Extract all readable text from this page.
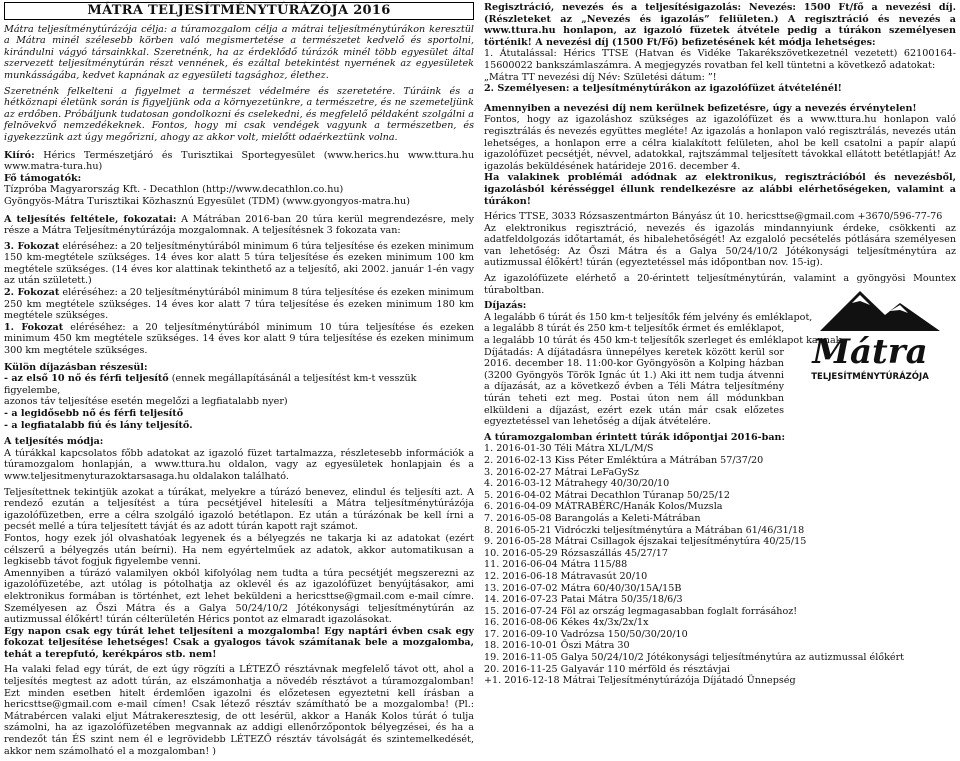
MÁTRA TELJESÍTMÉNYTÚRÁZÓJA 2016

Mátra teljesítménytúrázója célja: a túramozgalom célja a mátrai teljesítménytúrákon keresztül a Mátra minél szélesebb körben való megismertetése a természetet kedvelő és sportolni, kirándulni vágyó társainkkal. Szeretnénk, ha az érdeklődő túrázók minél több egyesület által szervezett teljesítménytúrán részt vennének, és ezáltal betekintést nyernének az egyesületek munkásságába, kedvet kapnának az egyesületi tagsághoz, élethez.

Szeretnénk felkelteni a figyelmet a természet védelmére és szeretetére. Túráink és a hétköznapi életünk során is figyeljünk oda a környezetünkre, a természetre, és ne szemeteljünk az erdőben. Próbáljunk tudatosan gondolkozni és cselekedni, és megfelelő példaként szolgálni a felnövekvő nemzedékeknek. Fontos, hogy mi csak vendégek vagyunk a természetben, és igyekezzünk azt úgy megőrizni, ahogy az akkor volt, mielőtt odaérkeztünk volna.

Kiíró: Hérics Természetjáró és Turisztikai Sportegyesület (www.herics.hu www.ttura.hu www.matra-tura.hu)

Fő támogatók:
Tízpróba Magyarország Kft. - Decathlon (http://www.decathlon.co.hu)
Gyöngyös-Mátra Turisztikai Közhasznú Egyesület (TDM) (www.gyongyos-matra.hu)

A teljesítés feltétele, fokozatai: A Mátrában 2016-ban 20 túra kerül megrendezésre, mely része a Mátra Teljesítménytúrázója mozgalomnak. A teljesítésnek 3 fokozata van:

3. Fokozat eléréséhez: a 20 teljesítménytúrából minimum 6 túra teljesítése és ezeken minimum 150 km-megtétele szükséges. 14 éves kor alatt 5 túra teljesítése és ezeken minimum 100 km megtétele szükséges. (14 éves kor alattinak tekinthető az a teljesítő, aki 2002. január 1-én vagy az után született.)

2. Fokozat eléréséhez: a 20 teljesítménytúrából minimum 8 túra teljesítése és ezeken minimum 250 km megtétele szükséges. 14 éves kor alatt 7 túra teljesítése és ezeken minimum 180 km megtétele szükséges.

1. Fokozat eléréséhez: a 20 teljesítménytúrából minimum 10 túra teljesítése és ezeken minimum 450 km megtétele szükséges. 14 éves kor alatt 9 túra teljesítése és ezeken minimum 300 km megtétele szükséges.

Külön díjazásban részesül:
- az első 10 nő és férfi teljesítő (ennek megállapításánál a teljesítést km-t vesszük figyelembe,
azonos táv teljesítése esetén megelőzi a legfiatalabb nyer)
- a legidősebb nő és férfi teljesítő
- a legfiatalabb fiú és lány teljesítő.
A teljesítés módja:

A túrákkal kapcsolatos főbb adatokat az igazoló füzet tartalmazza, részletesebb információk a túramozgalom honlapján, a www.ttura.hu oldalon, vagy az egyesületek honlapjain és a www.teljesitmenyturazoktarsasaga.hu oldalakon található.

Teljesítettnek tekintjük azokat a túrákat, melyekre a túrázó benevez, elindul és teljesíti azt. A rendező ezután a teljesítést a túra pecsétjével hitelesíti a Mátra teljesítménytúrázója igazolófüzetben, erre a célra szolgáló igazoló betétlapon. Ez után a túrázónak be kell írni a pecsét mellé a túra teljesített távját és az adott túrán kapott rajt számot.

Fontos, hogy ezek jól olvashatóak legyenek és a bélyegzés ne takarja ki az adatokat (ezért célszerű a bélyegzés után beírni). Ha nem egyértelműek az adatok, akkor automatikusan a legkisebb távot fogjuk figyelembe venni.

Amennyiben a túrázó valamilyen okból kifolyólag nem tudta a túra pecsétjét megszerezni az igazolófüzetébe, azt utólag is pótolhatja az oklevél és az igazolófüzet benyújtásakor, ami elektronikus formában is történhet, ezt lehet beküldeni a hericsttse@gmail.com e-mail címre. Személyesen az Őszi Mátra és a Galya 50/24/10/2 Jótékonysági teljesítménytúrán az autizmussal élőkért! túrán célterületén Hérics pontot az elmaradt igazolásokat.

Egy napon csak egy túrát lehet teljesíteni a mozgalomba! Egy naptári évben csak egy fokozat teljesítése lehetséges! Csak a gyalogos távok számítanak bele a mozgalomba, tehát a terepfutó, kerékpáros stb. nem!

Ha valaki felad egy túrát, de ezt úgy rögzíti a LÉTEZŐ résztávnak megfelelő távot ott, ahol a teljesítés megtest az adott túrán, az elszámonhatja a növedéb résztávot a túramozgalomban! Ezt minden esetben hitelt érdemlően igazolni és előzetesen egyeztetni kell írásban a hericsttse@gmail.com e-mail címen! Csak létező résztáv számítható be a mozgalomba! (Pl.: Mátrabércen valaki eljut Mátrakeresztesig, de ott lesérül, akkor a Hanák Kolos túrát ó tulja számolni, ha az igazolófüzetében megvannak az addigi ellenőrzőpontok bélyegzései, és ha a rendezőt tán ÉS szint nem él e legrövidebb LÉTEZŐ résztáv távolságát és szintemelkedését, akkor nem számolható el a mozgalomban! )

Regisztráció, nevezés és a teljesítésigazolás: Nevezés: 1500 Ft/fő a nevezési díj. (Részleteket az „Nevezés és igazolás” feliületen.) A regisztráció és nevezés a www.ttura.hu honlapon, az igazoló füzetek átvétele pedig a túrákon személyesen történik! A nevezési díj (1500 Ft/Fő) befizetésének két módja lehetséges:

1. Átutalással: Hérics TTSE (Hatvan és Vidéke Takarékszövetkezetnél vezetett) 62100164-15600022 bankszámlaszámra. A megjegyzés rovatban fel kell tüntetni a következő adatokat:

„Mátra TT nevezési díj Név: Születési dátum: ”!
2. Személyesen: a teljesítménytúrákon az igazolófüzet átvételénél!
Amennyiben a nevezési díj nem kerülnek befizetésre, úgy a nevezés érvénytelen!

Fontos, hogy az igazoláshoz szükséges az igazolófüzet és a www.ttura.hu honlapon való regisztrálás és nevezés együttes megléte! Az igazolás a honlapon való regisztrálás, nevezés után lehetséges, a honlapon erre a célra kialakított felületen, ahol be kell csatolni a papír alapú igazolófüzet pecsétjét, névvel, adatokkal, rajtszámmal teljesített távokkal ellátott betétlapját! Az igazolás beküldésének határideje 2016. december 4.

Ha valakinek problémái adódnak az elektronikus, regisztrációból és nevezésből, igazolásból kérésséggel éllunk rendelkezésre az alábbi elérhetőségeken, valamint a túrákon!

Hérics TTSE, 3033 Rózsaszentmárton Bányász út 10. hericsttse@gmail.com +3670/596-77-76

Az elektronikus regisztráció, nevezés és igazolás mindannyiunk érdeke, csökkenti az adatfeldolgozás időtartamát, és hibalehetőségét! Az ezgaloló pecsételés pótlására személyesen van lehetőség: Az Őszi Mátra és a Galya 50/24/10/2 Jótékonysági teljesítménytúra az autizmussal élőkért! túrán (egyeztetéssel más időpontban nov. 15-ig).

Az igazolófüzete elérhető a 20-érintett teljesítménytúrán, valamint a gyöngyösi Mountex túraboltban.

Díjazás:
A legalább 6 túrát és 150 km-t teljesítők fém jelvény és emléklapot,
a legalább 8 túrát és 250 km-t teljesítők érmet és emléklapot,
a legalább 10 túrát és 450 km-t teljesítők szerleget és emléklapot kapnak.

Díjátadás: A díjátadásra ünnepélyes keretek között kerül sor 2016. december 18. 11:00-kor Gyöngyösön a Kolping házban (3200 Gyöngyös Török Ignác út 1.) Aki itt nem tudja átvenni a díjazását, az a következő évben a Téli Mátra teljesítmény túrán teheti ezt meg. Postai úton nem áll módunkban elküldeni a díjazást, ezért ezek után már csak előzetes egyeztetéssel van lehetőség a díjak átvételére.

A túramozgalomban érintett túrák időpontjai 2016-ban:
1. 2016-01-30 Téli Mátra XL/L/M/S
2. 2016-02-13 Kiss Péter Emléktúra a Mátrában 57/37/20
3. 2016-02-27 Mátrai LeFaGySz
4. 2016-03-12 Mátrahegy 40/30/20/10
5. 2016-04-02 Mátrai Decathlon Túranap 50/25/12
6. 2016-04-09 MÁTRABÉRC/Hanák Kolos/Muzsla
7. 2016-05-08 Barangolás a Keleti-Mátrában
8. 2016-05-21 Vidróczki teljesítménytúra a Mátrában 61/46/31/18
9. 2016-05-28 Mátrai Csillagok éjszakai teljesítménytúra 40/25/15
10. 2016-05-29 Rózsaszállás 45/27/17
11. 2016-06-04 Mátra 115/88
12. 2016-06-18 Mátravasút 20/10
13. 2016-07-02 Mátra 60/40/30/15A/15B
14. 2016-07-23 Patai Mátra 50/35/18/6/3
15. 2016-07-24 Föl az ország legmagasabban foglalt forrásához!
16. 2016-08-06 Kékes 4x/3x/2x/1x
17. 2016-09-10 Vadrózsa 150/50/30/20/10
18. 2016-10-01 Őszi Mátra 30
19. 2016-11-05 Galya 50/24/10/2 Jótékonysági teljesítménytúra az autizmussal élőkért
20. 2016-11-25 Galyavár 110 mérföld és résztávjai
+1. 2016-12-18 Mátrai Teljesítménytúrázója Díjátadó Ünnepség
Mátra
TELJESÍTMÉNYTÚRÁZÓJA
